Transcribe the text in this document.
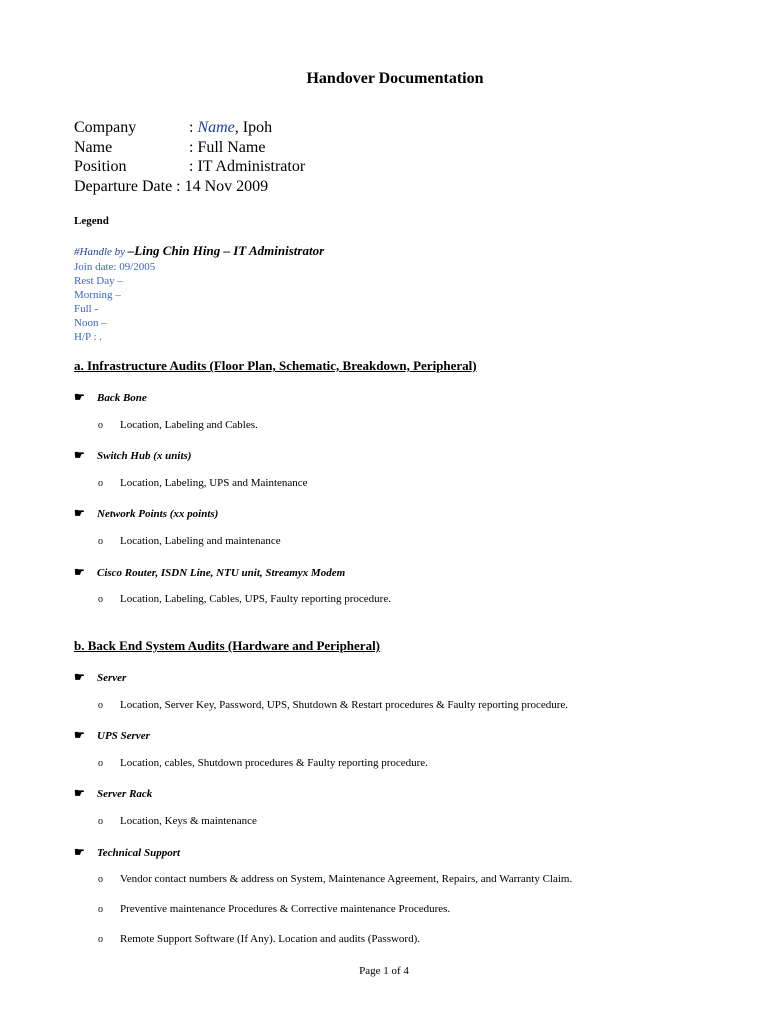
Handover Documentation
Company	: Name, Ipoh
Name	: Full Name
Position	: IT Administrator
Departure Date : 14 Nov 2009
Legend
#Handle by –Ling Chin Hing – IT Administrator
Join date: 09/2005
Rest Day –
Morning –
Full -
Noon –
H/P : .
a. Infrastructure Audits (Floor Plan, Schematic, Breakdown, Peripheral)
☛ Back Bone
o Location, Labeling and Cables.
☛ Switch Hub (x units)
o Location, Labeling, UPS and Maintenance
☛ Network Points (xx points)
o Location, Labeling and maintenance
☛ Cisco Router, ISDN Line, NTU unit, Streamyx Modem
o Location, Labeling, Cables, UPS, Faulty reporting procedure.
b. Back End System Audits (Hardware and Peripheral)
☛ Server
o Location, Server Key, Password, UPS, Shutdown & Restart procedures & Faulty reporting procedure.
☛ UPS Server
o Location, cables, Shutdown procedures & Faulty reporting procedure.
☛ Server Rack
o Location, Keys & maintenance
☛ Technical Support
o Vendor contact numbers & address on System, Maintenance Agreement, Repairs, and Warranty Claim.
o Preventive maintenance Procedures & Corrective maintenance Procedures.
o Remote Support Software (If Any). Location and audits (Password).
Page 1 of 4
